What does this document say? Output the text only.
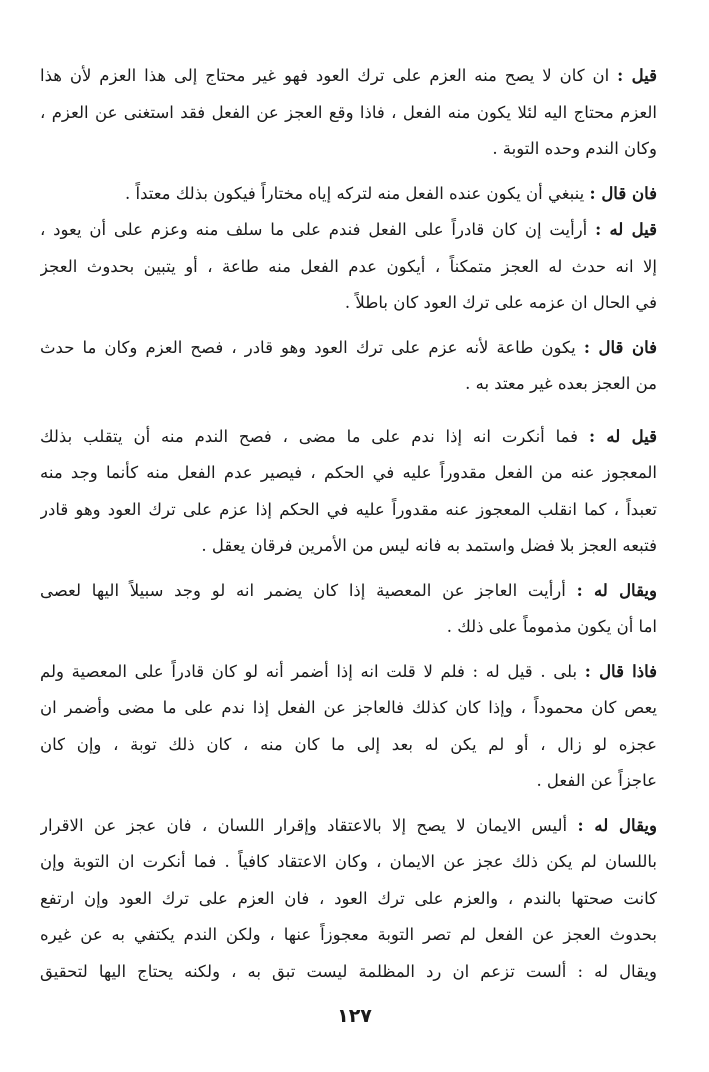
قيل : ان كان لا يصح منه العزم على ترك العود فهو غير محتاج إلى هذا العزم لأن هذا
العزم محتاج اليه لئلا يكون منه الفعل ، فاذا وقع العجز عن الفعل فقد استغنى عن العزم ،
وكان الندم وحده التوبة .
فان قال : ينبغي أن يكون عنده الفعل منه لتركه إياه مختاراً فيكون بذلك معتداً .
قيل له : أرأيت إن كان قادراً على الفعل فندم على ما سلف منه وعزم على أن يعود ،
إلا انه حدث له العجز متمكناً ، أيكون عدم الفعل منه طاعة ، أو يتبين بحدوث العجز
في الحال ان عزمه على ترك العود كان باطلاً .
فان قال : يكون طاعة لأنه عزم على ترك العود وهو قادر ، فصح العزم وكان ما حدث
من العجز بعده غير معتد به .
قيل له : فما أنكرت انه إذا ندم على ما مضى ، فصح الندم منه أن يتقلب بذلك
المعجوز عنه من الفعل مقدوراً عليه في الحكم ، فيصير عدم الفعل منه كأنما وجد منه
تعبداً ، كما انقلب المعجوز عنه مقدوراً عليه في الحكم إذا عزم على ترك العود وهو قادر
فتبعه العجز بلا فضل واستمد به فانه ليس من الأمرين فرقان يعقل .
ويقال له : أرأيت العاجز عن المعصية إذا كان يضمر انه لو وجد سبيلاً اليها لعصى
اما أن يكون مذموماً على ذلك .
فاذا قال : بلى . قيل له : فلم لا قلت انه إذا أضمر أنه لو كان قادراً على المعصية ولم
يعص كان محموداً ، وإذا كان كذلك فالعاجز عن الفعل إذا ندم على ما مضى وأضمر ان
عجزه لو زال ، أو لم يكن له بعد إلى ما كان منه ، كان ذلك توبة ، وإن كان
عاجزاً عن الفعل .
ويقال له : أليس الايمان لا يصح إلا بالاعتقاد وإقرار اللسان ، فان عجز عن الاقرار
باللسان لم يكن ذلك عجز عن الايمان ، وكان الاعتقاد كافياً . فما أنكرت ان التوبة وإن
كانت صحتها بالندم ، والعزم على ترك العود ، فان العزم على ترك العود وإن ارتفع
بحدوث العجز عن الفعل لم تصر التوبة معجوزاً عنها ، ولكن الندم يكتفي به عن غيره
ويقال له : ألست تزعم ان رد المظلمة ليست تبق به ، ولكنه يحتاج اليها لتحقيق
١٢٧
